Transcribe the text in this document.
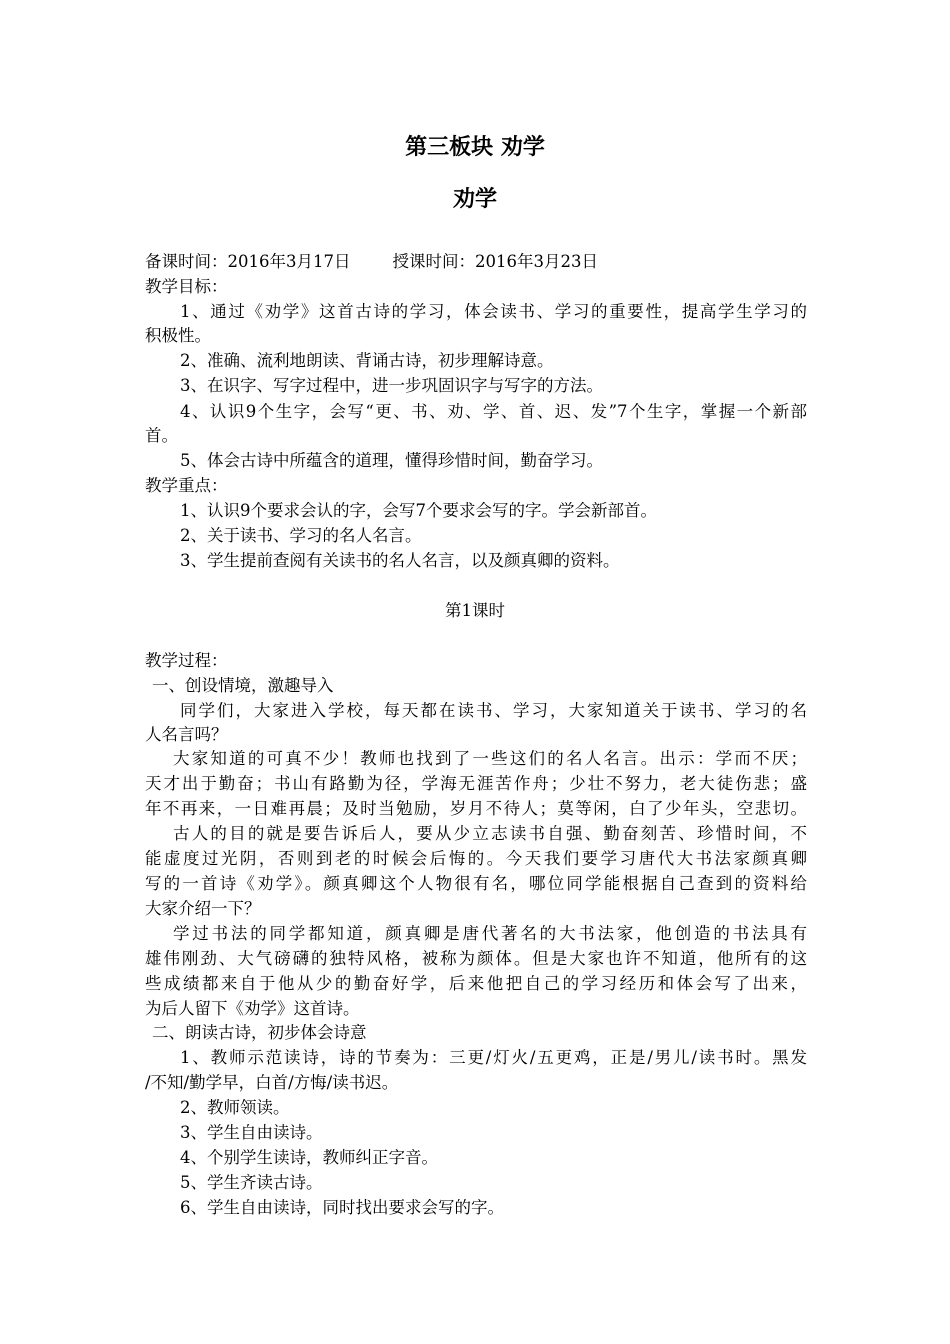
第三板块 劝学
劝学
备课时间：2016年3月17日	授课时间：2016年3月23日
教学目标：
1、通过《劝学》这首古诗的学习，体会读书、学习的重要性，提高学生学习的
积极性。
2、准确、流利地朗读、背诵古诗，初步理解诗意。
3、在识字、写字过程中，进一步巩固识字与写字的方法。
4、认识9个生字，会写“更、书、劝、学、首、迟、发”7个生字，掌握一个新部
首。
5、体会古诗中所蕴含的道理，懂得珍惜时间，勤奋学习。
教学重点：
1、认识9个要求会认的字，会写7个要求会写的字。学会新部首。
2、关于读书、学习的名人名言。
3、学生提前查阅有关读书的名人名言，以及颜真卿的资料。
第1课时
教学过程：
一、创设情境，激趣导入
同学们，大家进入学校，每天都在读书、学习，大家知道关于读书、学习的名
人名言吗？
大家知道的可真不少！教师也找到了一些这们的名人名言。出示：学而不厌；
天才出于勤奋；书山有路勤为径，学海无涯苦作舟；少壮不努力，老大徒伤悲；盛
年不再来，一日难再晨；及时当勉励，岁月不待人；莫等闲，白了少年头，空悲切。
古人的目的就是要告诉后人，要从少立志读书自强、勤奋刻苦、珍惜时间，不
能虚度过光阴，否则到老的时候会后悔的。今天我们要学习唐代大书法家颜真卿
写的一首诗《劝学》。颜真卿这个人物很有名，哪位同学能根据自己查到的资料给
大家介绍一下？
学过书法的同学都知道，颜真卿是唐代著名的大书法家，他创造的书法具有
雄伟刚劲、大气磅礴的独特风格，被称为颜体。但是大家也许不知道，他所有的这
些成绩都来自于他从少的勤奋好学，后来他把自己的学习经历和体会写了出来，
为后人留下《劝学》这首诗。
二、朗读古诗，初步体会诗意
1、教师示范读诗，诗的节奏为：三更/灯火/五更鸡，正是/男儿/读书时。黑发
/不知/勤学早，白首/方悔/读书迟。
2、教师领读。
3、学生自由读诗。
4、个别学生读诗，教师纠正字音。
5、学生齐读古诗。
6、学生自由读诗，同时找出要求会写的字。
